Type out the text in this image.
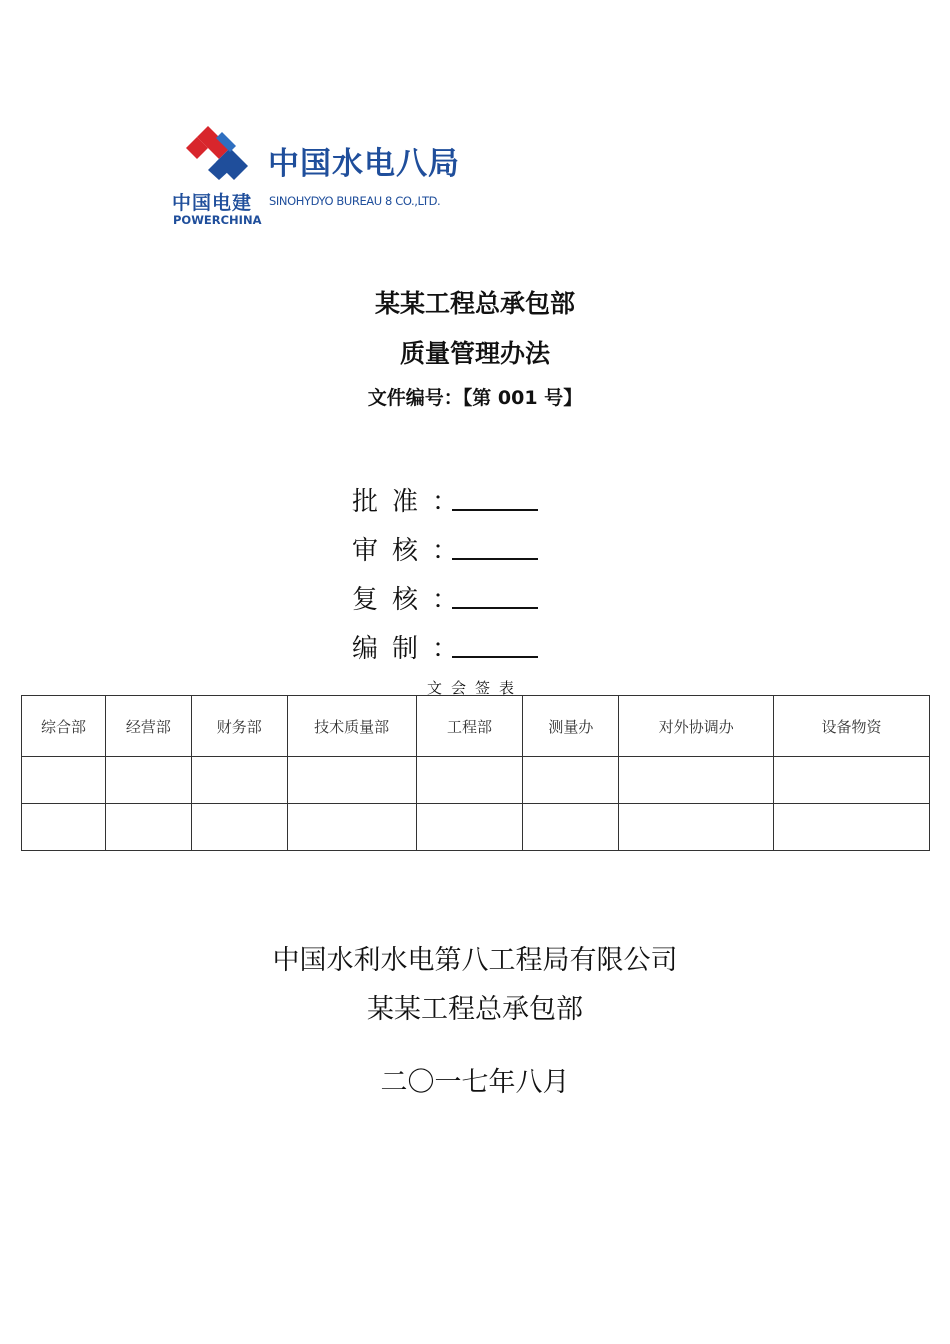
中国电建
POWERCHINA
中国水电八局
SINOHYDYO BUREAU 8 CO.,LTD.
某某工程总承包部
质量管理办法
文件编号：【第 001 号】
批准：
审核：
复核：
编制：
文会签表
综合部	经营部	财务部	技术质量部	工程部	测量办	对外协调办	设备物资

中国水利水电第八工程局有限公司
某某工程总承包部
二〇一七年八月
